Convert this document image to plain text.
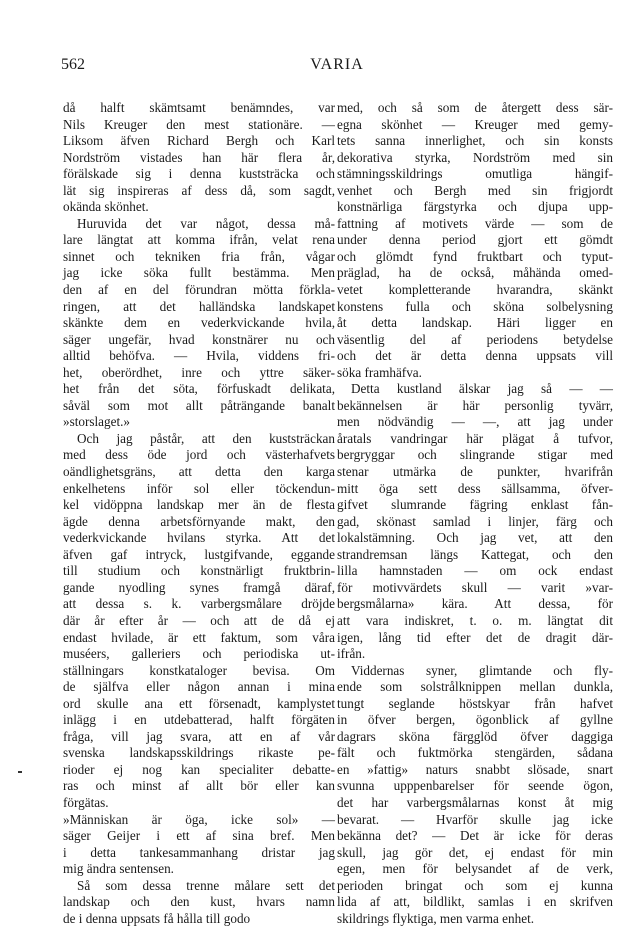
562	VARIA
då halft skämtsamt benämndes, var
Nils Kreuger den mest stationäre. —
Liksom äfven Richard Bergh och Karl
Nordström vistades han här flera år,
förälskade sig i denna kuststräcka och
lät sig inspireras af dess då, som sagdt,
okända skönhet.
Huruvida det var något, dessa må-
lare längtat att komma ifrån, velat rena
sinnet och tekniken fria från, vågar
jag icke söka fullt bestämma. Men
den af en del förundran mötta förkla-
ringen, att det halländska landskapet
skänkte dem en vederkvickande hvila,
säger ungefär, hvad konstnärer nu och
alltid behöfva. — Hvila, viddens fri-
het, oberördhet, inre och yttre säker-
het från det söta, förfuskadt delikata,
såväl som mot allt påträngande banalt
»storslaget.»
Och jag påstår, att den kuststräckan
med dess öde jord och västerhafvets
oändlighetsgräns, att detta den karga
enkelhetens inför sol eller töckendun-
kel vidöppna landskap mer än de flesta
ägde denna arbetsförnyande makt, den
vederkvickande hvilans styrka. Att det
äfven gaf intryck, lustgifvande, eggande
till studium och konstnärligt fruktbrin-
gande nyodling synes framgå däraf,
att dessa s. k. varbergsmålare dröjde
där år efter år — och att de då ej
endast hvilade, är ett faktum, som våra
muséers, galleriers och periodiska ut-
ställningars konstkataloger bevisa. Om
de själfva eller någon annan i mina
ord skulle ana ett försenadt, kamplystet
inlägg i en utdebatterad, halft förgäten
fråga, vill jag svara, att en af vår
svenska landskapsskildrings rikaste pe-
rioder ej nog kan specialiter debatte-
ras och minst af allt bör eller kan
förgätas.
»Människan är öga, icke sol» —
säger Geijer i ett af sina bref. Men
i detta tankesammanhang dristar jag
mig ändra sentensen.
Så som dessa trenne målare sett det
landskap och den kust, hvars namn
de i denna uppsats få hålla till godo
med, och så som de återgett dess sär-
egna skönhet — Kreuger med gemy-
tets sanna innerlighet, och sin konsts
dekorativa styrka, Nordström med sin
stämningsskildrings omutliga hängif-
venhet och Bergh med sin frigjordt
konstnärliga färgstyrka och djupa upp-
fattning af motivets värde — som de
under denna period gjort ett gömdt
och glömdt fynd fruktbart och typut-
präglad, ha de också, måhända omed-
vetet kompletterande hvarandra, skänkt
konstens fulla och sköna solbelysning
åt detta landskap. Häri ligger en
väsentlig del af periodens betydelse
och det är detta denna uppsats vill
söka framhäfva.
Detta kustland älskar jag så — —
bekännelsen är här personlig tyvärr,
men nödvändig — —, att jag under
åratals vandringar här plägat å tufvor,
bergryggar och slingrande stigar med
stenar utmärka de punkter, hvarifrån
mitt öga sett dess sällsamma, öfver-
gifvet slumrande fägring enklast fån-
gad, skönast samlad i linjer, färg och
lokalstämning. Och jag vet, att den
strandremsan längs Kattegat, och den
lilla hamnstaden — om ock endast
för motivvärdets skull — varit »var-
bergsmålarna» kära. Att dessa, för
att vara indiskret, t. o. m. längtat dit
igen, lång tid efter det de dragit där-
ifrån.
Viddernas syner, glimtande och fly-
ende som solstrålknippen mellan dunkla,
tungt seglande höstskyar från hafvet
in öfver bergen, ögonblick af gyllne
dagrars sköna färgglöd öfver daggiga
fält och fuktmörka stengärden, sådana
en »fattig» naturs snabbt slösade, snart
svunna upppenbarelser för seende ögon,
det har varbergsmålarnas konst åt mig
bevarat. — Hvarför skulle jag icke
bekänna det? — Det är icke för deras
skull, jag gör det, ej endast för min
egen, men för belysandet af de verk,
perioden bringat och som ej kunna
lida af att, bildlikt, samlas i en skrifven
skildrings flyktiga, men varma enhet.
